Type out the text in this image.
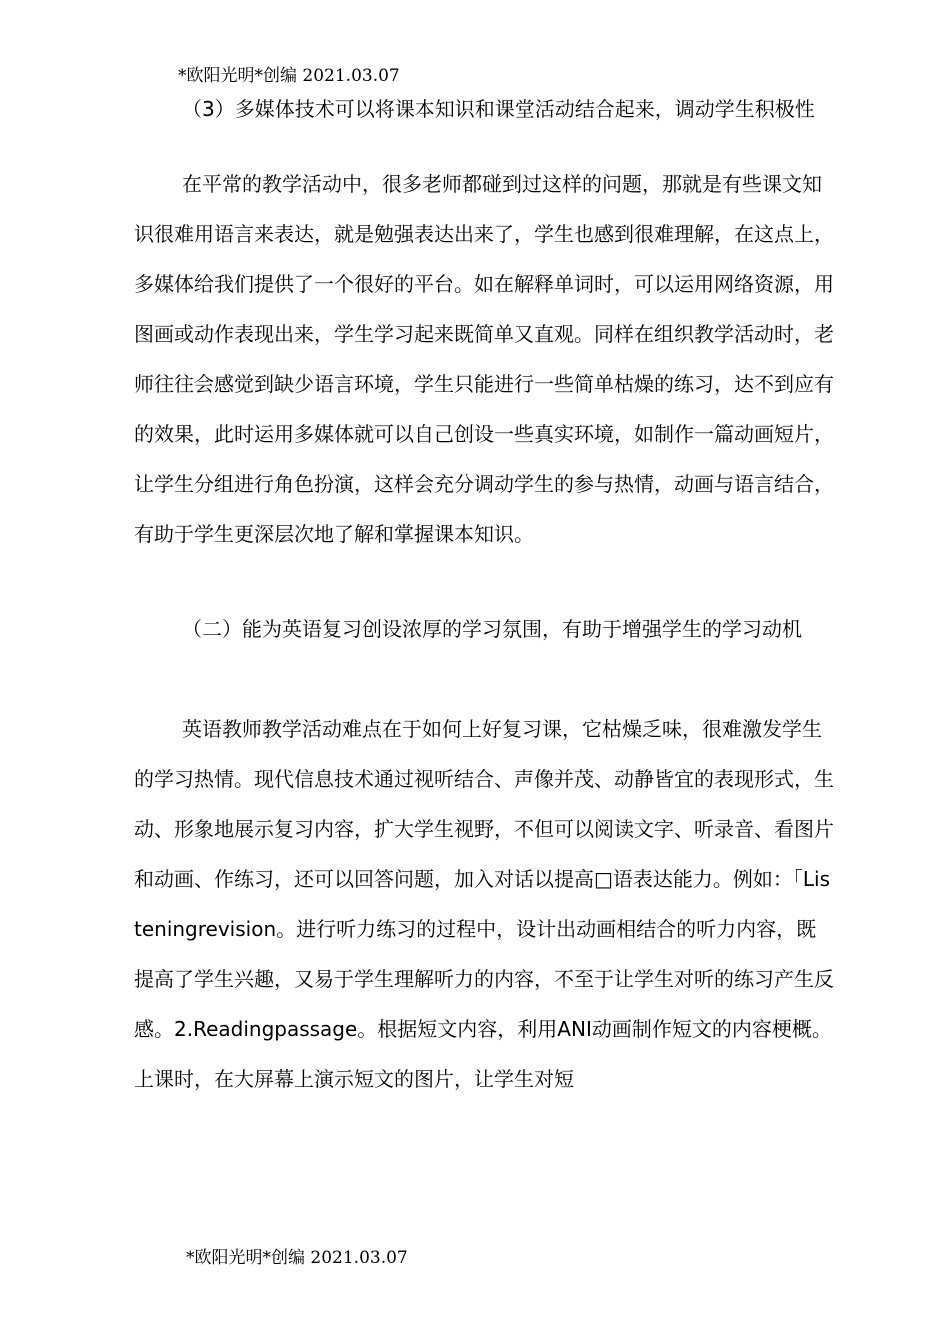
*欧阳光明*创编 2021.03.07
（3）多媒体技术可以将课本知识和课堂活动结合起来，调动学生积极性
在平常的教学活动中，很多老师都碰到过这样的问题，那就是有些课文知识很难用语言来表达，就是勉强表达出来了，学生也感到很难理解，在这点上，多媒体给我们提供了一个很好的平台。如在解释单词时，可以运用网络资源，用图画或动作表现出来，学生学习起来既简单又直观。同样在组织教学活动时，老师往往会感觉到缺少语言环境，学生只能进行一些简单枯燥的练习，达不到应有的效果，此时运用多媒体就可以自己创设一些真实环境，如制作一篇动画短片，让学生分组进行角色扮演，这样会充分调动学生的参与热情，动画与语言结合，有助于学生更深层次地了解和掌握课本知识。
（二）能为英语复习创设浓厚的学习氛围，有助于增强学生的学习动机
英语教师教学活动难点在于如何上好复习课，它枯燥乏味，很难激发学生的学习热情。现代信息技术通过视听结合、声像并茂、动静皆宜的表现形式，生动、形象地展示复习内容，扩大学生视野，不但可以阅读文字、听录音、看图片和动画、作练习，还可以回答问题，加入对话以提高□语表达能力。例如：「Listeningrevision。进行听力练习的过程中，设计出动画相结合的听力内容，既提高了学生兴趣，又易于学生理解听力的内容，不至于让学生对听的练习产生反感。2.Readingpassage。根据短文内容，利用ANI动画制作短文的内容梗概。上课时，在大屏幕上演示短文的图片，让学生对短
*欧阳光明*创编 2021.03.07
